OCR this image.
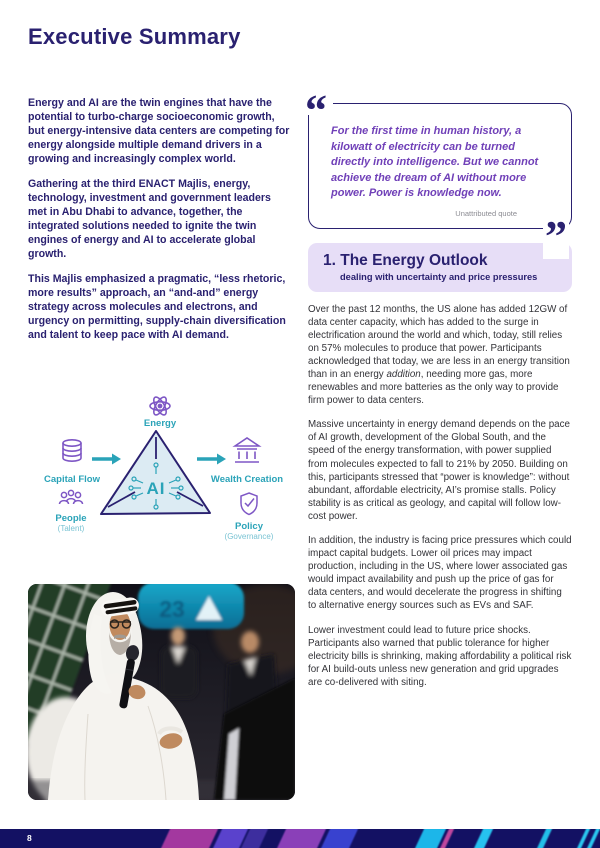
Executive Summary

Energy and AI are the twin engines that have the potential to turbo-charge socioeconomic growth, but energy-intensive data centers are competing for energy alongside multiple demand drivers in a growing and increasingly complex world.

Gathering at the third ENACT Majlis, energy, technology, investment and government leaders met in Abu Dhabi to advance, together, the integrated solutions needed to ignite the twin engines of energy and AI to accelerate global growth.

This Majlis emphasized a pragmatic, “less rhetoric, more results” approach, an “and-and” energy strategy across molecules and electrons, and urgency on permitting, supply-chain diversification and talent to keep pace with AI demand.

Energy
AI
Capital Flow	Wealth Creation
People
(Talent)	Policy
(Governance)
23
“ For the first time in human history, a kilowatt of electricity can be turned directly into intelligence. But we cannot achieve the dream of AI without more power. Power is knowledge now.

Unattributed quote ”
1. The Energy Outlook
dealing with uncertainty and price pressures

Over the past 12 months, the US alone has added 12GW of data center capacity, which has added to the surge in electrification around the world and which, today, still relies on 57% molecules to produce that power. Participants acknowledged that today, we are less in an energy transition than in an energy addition, needing more gas, more renewables and more batteries as the only way to provide firm power to data centers.

Massive uncertainty in energy demand depends on the pace of AI growth, development of the Global South, and the speed of the energy transformation, with power supplied from molecules expected to fall to 21% by 2050. Building on this, participants stressed that “power is knowledge”: without abundant, affordable electricity, AI’s promise stalls. Policy stability is as critical as geology, and capital will follow low-cost power.

In addition, the industry is facing price pressures which could impact capital budgets. Lower oil prices may impact production, including in the US, where lower associated gas would impact availability and push up the price of gas for data centers, and would decelerate the progress in shifting to alternative energy sources such as EVs and SAF.

Lower investment could lead to future price shocks. Participants also warned that public tolerance for higher electricity bills is shrinking, making affordability a political risk for AI build-outs unless new generation and grid upgrades are co-delivered with siting.

8
